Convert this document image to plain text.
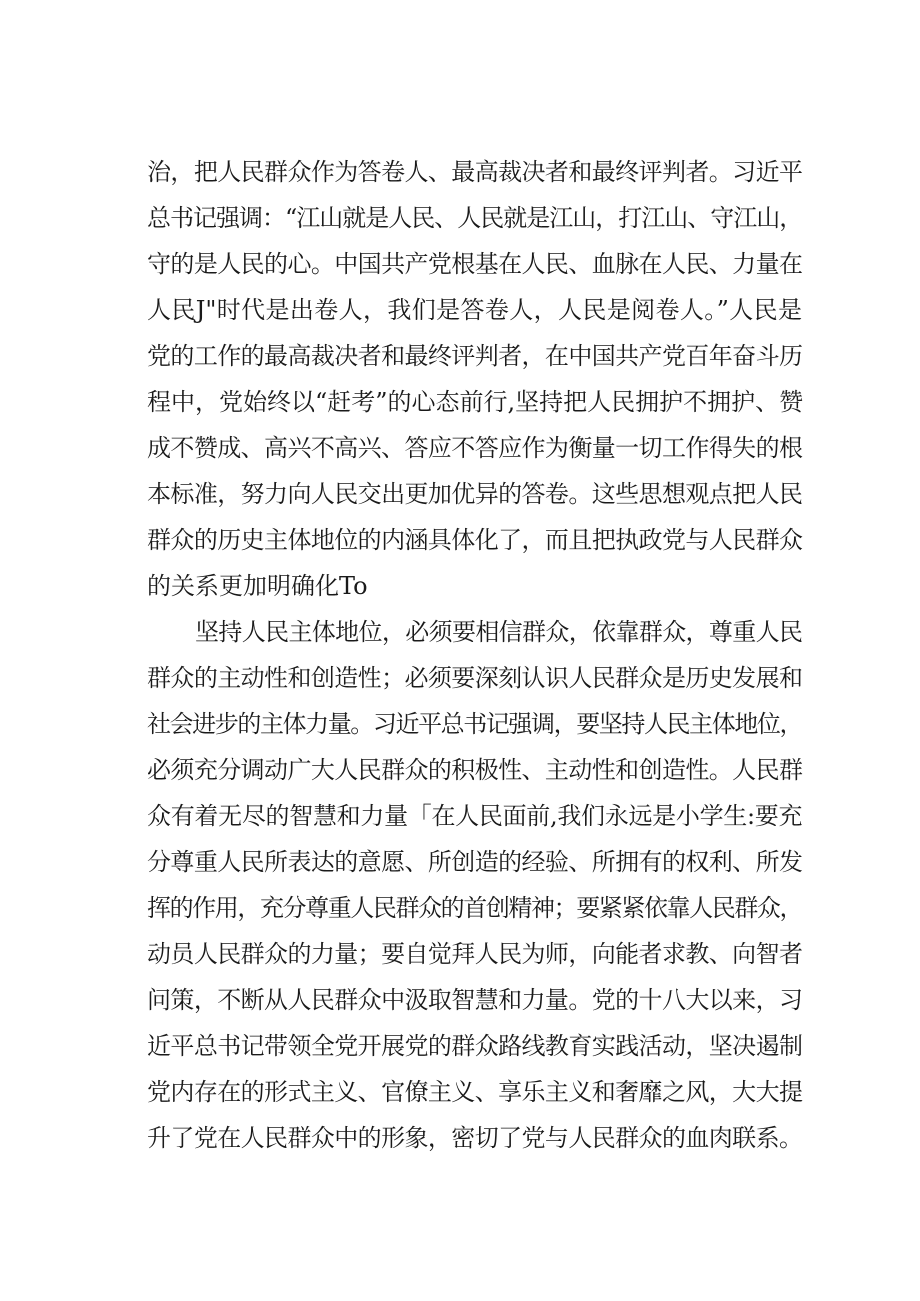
治，把人民群众作为答卷人、最高裁决者和最终评判者。习近平
总书记强调：“江山就是人民、人民就是江山，打江山、守江山，
守的是人民的心。中国共产党根基在人民、血脉在人民、力量在
人民J"时代是出卷人，我们是答卷人，人民是阅卷人。”人民是
党的工作的最高裁决者和最终评判者，在中国共产党百年奋斗历
程中，党始终以“赶考”的心态前行,坚持把人民拥护不拥护、赞
成不赞成、高兴不高兴、答应不答应作为衡量一切工作得失的根
本标准，努力向人民交出更加优异的答卷。这些思想观点把人民
群众的历史主体地位的内涵具体化了，而且把执政党与人民群众
的关系更加明确化To
坚持人民主体地位，必须要相信群众，依靠群众，尊重人民
群众的主动性和创造性；必须要深刻认识人民群众是历史发展和
社会进步的主体力量。习近平总书记强调，要坚持人民主体地位，
必须充分调动广大人民群众的积极性、主动性和创造性。人民群
众有着无尽的智慧和力量「在人民面前,我们永远是小学生:要充
分尊重人民所表达的意愿、所创造的经验、所拥有的权利、所发
挥的作用，充分尊重人民群众的首创精神；要紧紧依靠人民群众，
动员人民群众的力量；要自觉拜人民为师，向能者求教、向智者
问策，不断从人民群众中汲取智慧和力量。党的十八大以来，习
近平总书记带领全党开展党的群众路线教育实践活动，坚决遏制
党内存在的形式主义、官僚主义、享乐主义和奢靡之风，大大提
升了党在人民群众中的形象，密切了党与人民群众的血肉联系。
